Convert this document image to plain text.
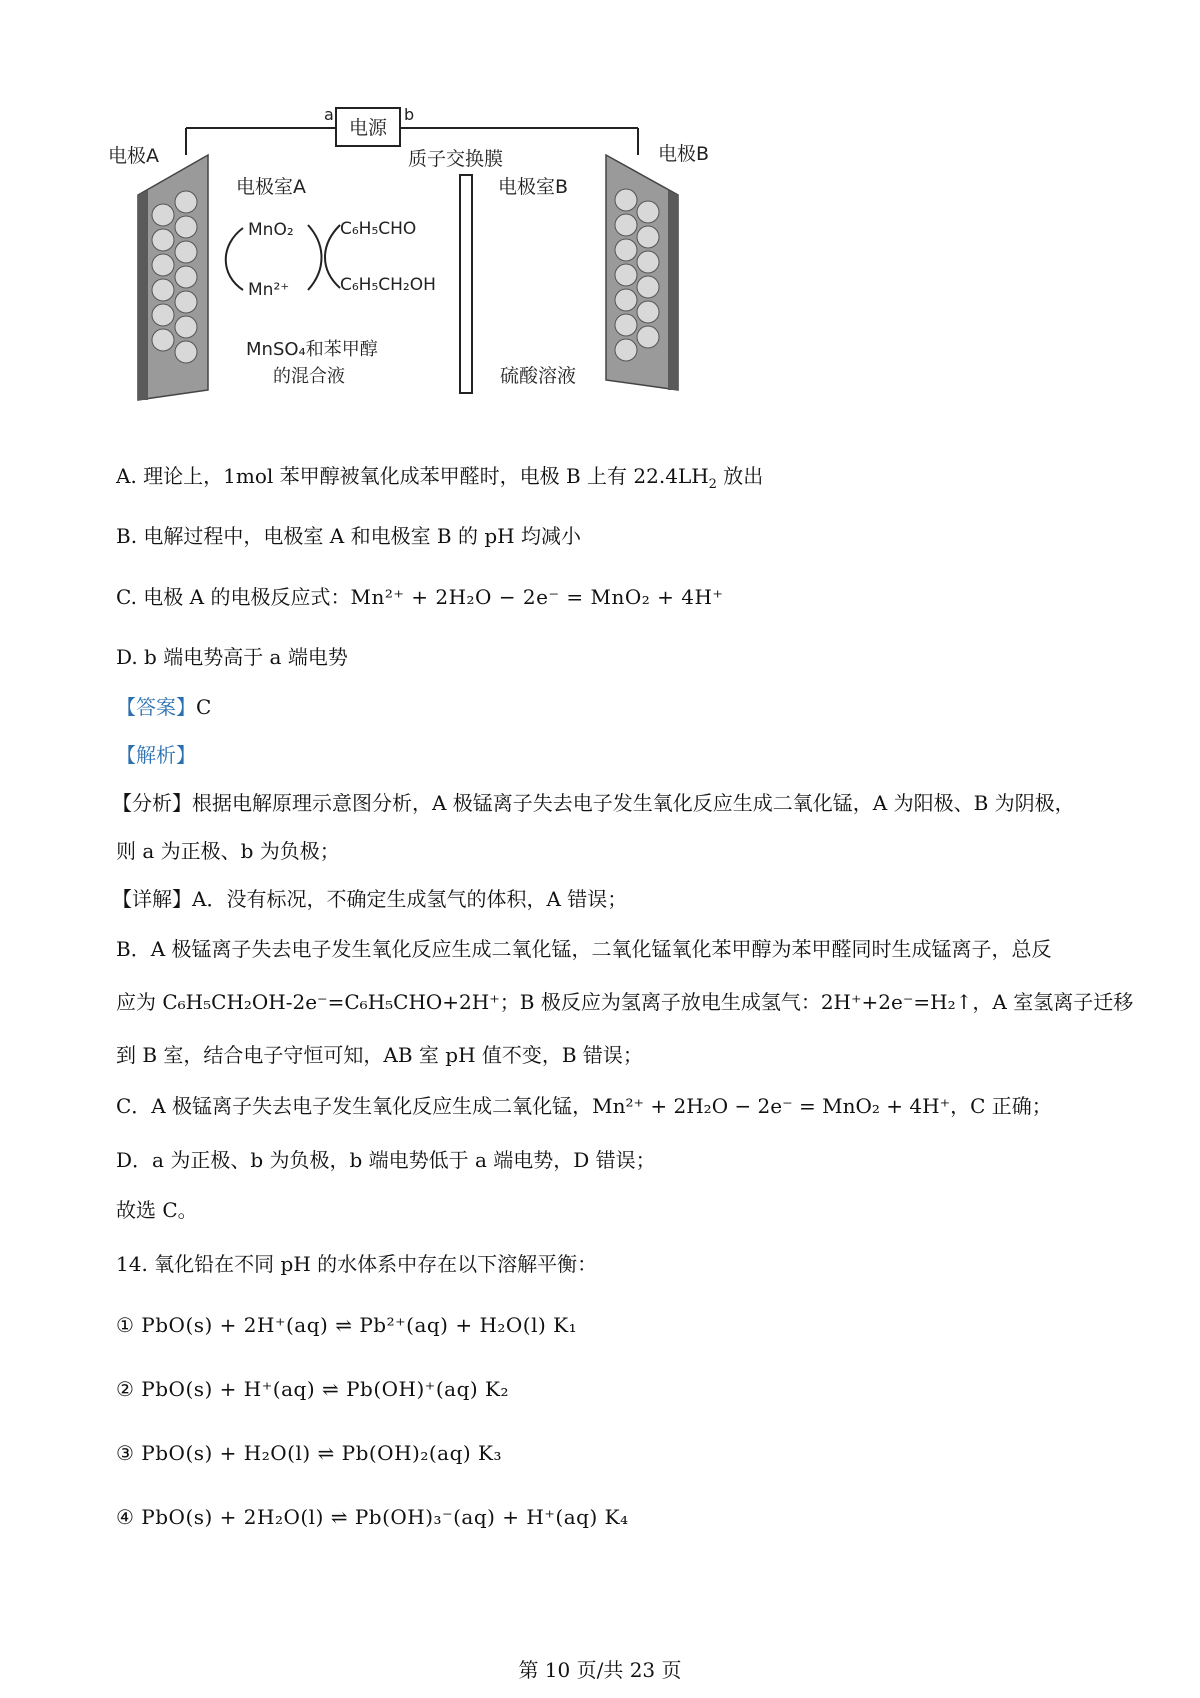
电源
a	b
电极A	电极B
质子交换膜
电极室A	电极室B
MnO₂
Mn²⁺
C₆H₅CHO
C₆H₅CH₂OH
MnSO₄和苯甲醇
的混合液	硫酸溶液
A. 理论上，1mol 苯甲醇被氧化成苯甲醛时，电极 B 上有 $22.4LH_2$ 放出
B. 电解过程中，电极室 A 和电极室 B 的 pH 均减小
C. 电极 A 的电极反应式：Mn²⁺ + 2H₂O − 2e⁻ = MnO₂ + 4H⁺
D. b 端电势高于 a 端电势
【答案】C
【解析】
【分析】根据电解原理示意图分析，A 极锰离子失去电子发生氧化反应生成二氧化锰，A 为阳极、B 为阴极，
则 a 为正极、b 为负极；
【详解】A．没有标况，不确定生成氢气的体积，A 错误；
B．A 极锰离子失去电子发生氧化反应生成二氧化锰，二氧化锰氧化苯甲醇为苯甲醛同时生成锰离子，总反
应为 C₆H₅CH₂OH-2e⁻=C₆H₅CHO+2H⁺；B 极反应为氢离子放电生成氢气：2H⁺+2e⁻=H₂↑，A 室氢离子迁移
到 B 室，结合电子守恒可知，AB 室 pH 值不变，B 错误；
C．A 极锰离子失去电子发生氧化反应生成二氧化锰，Mn²⁺ + 2H₂O − 2e⁻ = MnO₂ + 4H⁺，C 正确；
D．a 为正极、b 为负极，b 端电势低于 a 端电势，D 错误；
故选 C。
14. 氧化铅在不同 pH 的水体系中存在以下溶解平衡：
① PbO(s) + 2H⁺(aq) ⇌ Pb²⁺(aq) + H₂O(l) K₁
② PbO(s) + H⁺(aq) ⇌ Pb(OH)⁺(aq) K₂
③ PbO(s) + H₂O(l) ⇌ Pb(OH)₂(aq) K₃
④ PbO(s) + 2H₂O(l) ⇌ Pb(OH)₃⁻(aq) + H⁺(aq) K₄
第 10 页/共 23 页
